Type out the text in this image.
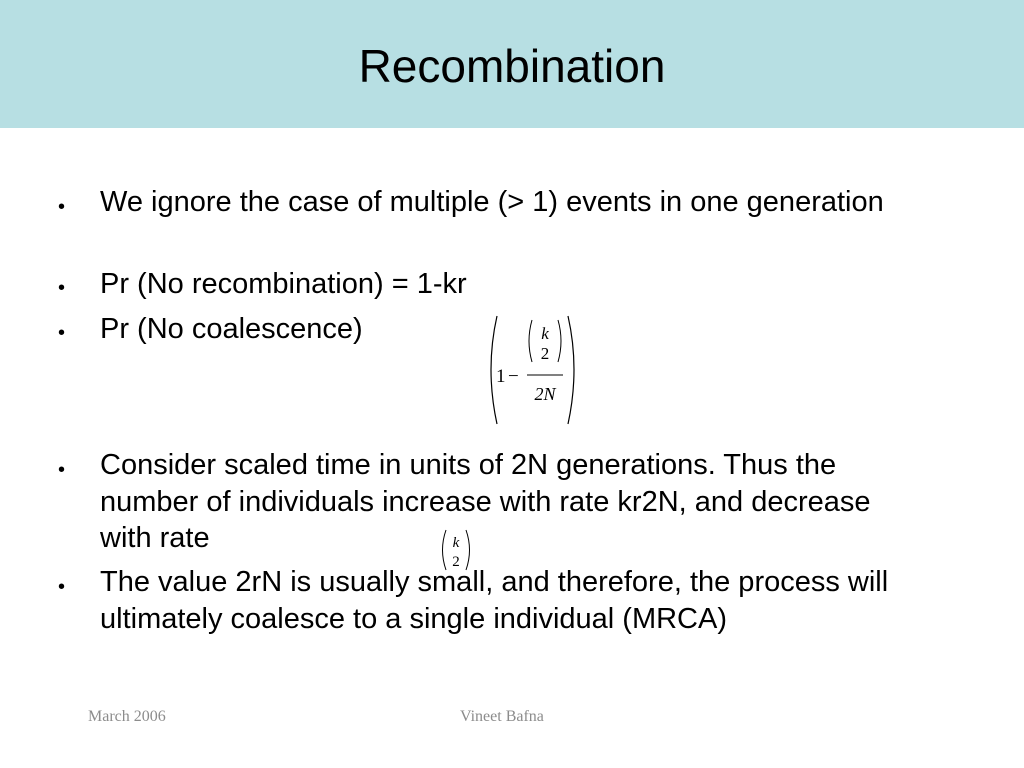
Recombination
• We ignore the case of multiple (> 1) events in one generation
• Pr (No recombination) = 1-kr
• Pr (No coalescence)
1 −
k
2
2N
• Consider scaled time in units of 2N generations. Thus the number of individuals increase with rate kr2N, and decrease with rate	k
2
• The value 2rN is usually small, and therefore, the process will ultimately coalesce to a single individual (MRCA)
March 2006	Vineet Bafna
